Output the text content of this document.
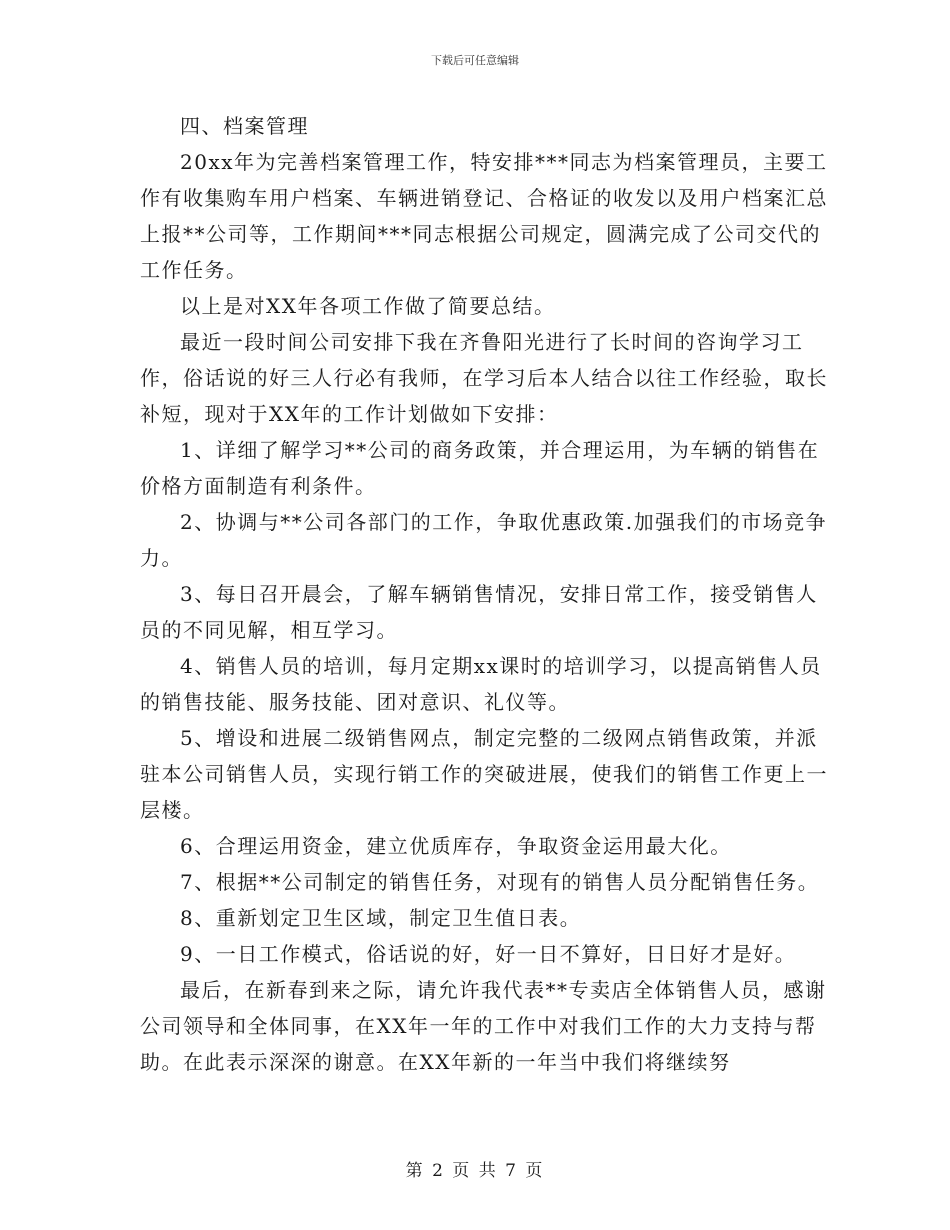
下载后可任意编辑

四、档案管理

20xx年为完善档案管理工作，特安排***同志为档案管理员，主要工作有收集购车用户档案、车辆进销登记、合格证的收发以及用户档案汇总上报**公司等，工作期间***同志根据公司规定，圆满完成了公司交代的工作任务。

以上是对XX年各项工作做了简要总结。

最近一段时间公司安排下我在齐鲁阳光进行了长时间的咨询学习工作，俗话说的好三人行必有我师，在学习后本人结合以往工作经验，取长补短，现对于XX年的工作计划做如下安排：

1、详细了解学习**公司的商务政策，并合理运用，为车辆的销售在价格方面制造有利条件。

2、协调与**公司各部门的工作，争取优惠政策.加强我们的市场竞争力。

3、每日召开晨会，了解车辆销售情况，安排日常工作，接受销售人员的不同见解，相互学习。

4、销售人员的培训，每月定期xx课时的培训学习，以提高销售人员的销售技能、服务技能、团对意识、礼仪等。

5、增设和进展二级销售网点，制定完整的二级网点销售政策，并派驻本公司销售人员，实现行销工作的突破进展，使我们的销售工作更上一层楼。

6、合理运用资金，建立优质库存，争取资金运用最大化。

7、根据**公司制定的销售任务，对现有的销售人员分配销售任务。

8、重新划定卫生区域，制定卫生值日表。

9、一日工作模式，俗话说的好，好一日不算好，日日好才是好。

最后，在新春到来之际，请允许我代表**专卖店全体销售人员，感谢公司领导和全体同事，在XX年一年的工作中对我们工作的大力支持与帮助。在此表示深深的谢意。在XX年新的一年当中我们将继续努

第 2 页 共 7 页
